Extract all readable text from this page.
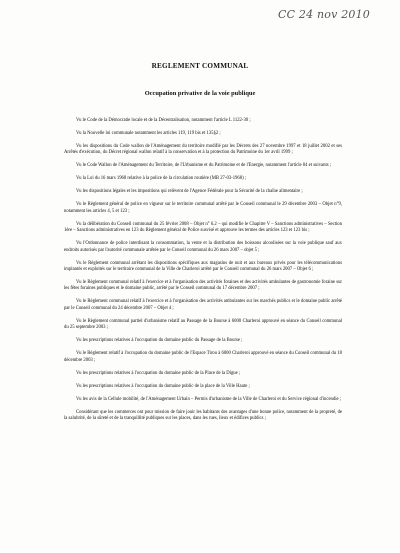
CC 24 nov 2010
REGLEMENT COMMUNAL
Occupation privative de la voie publique

Vu le Code de la Démocratie locale et de la Décentralisation, notamment l'article L 1122-30 ;

Vu la Nouvelle loi communale notamment les articles 119, 119 bis et 135§2 ;

Vu les dispositions du Code wallon de l'Aménagement du territoire modifié par les Décrets des 27 novembre 1997 et 18 juillet 2002 et ses Arrêtés d'exécution, du Décret régional wallon relatif à la conservation et à la protection du Patrimoine du 1er avril 1999 ;

Vu le Code Wallon de l'Aménagement du Territoire, de l'Urbanisme et du Patrimoine et de l'Energie, notamment l'article 84 et suivants ;

Vu la Loi du 16 mars 1968 relative à la police de la circulation routière (MB 27-03-1968) ;

Vu les dispositions légales et les impositions qui relèvent de l'Agence Fédérale pour la Sécurité de la chaîne alimentaire ;

Vu le Règlement général de police en vigueur sur le territoire communal arrêté par le Conseil communal le 29 décembre 2003 – Objet n°9, notamment les articles 4, 5 et 123 ;

Vu la délibération du Conseil communal du 25 février 2008 – Objet n° 6.2 – qui modifie le Chapitre V – Sanctions administratives – Section 1ère – Sanctions administratives en 123 du Règlement général de Police susvisé et approuve les termes des articles 123 et 123 bis ;

Vu l'Ordonnance de police interdisant la consommation, la vente et la distribution des boissons alcoolisées sur la voie publique sauf aux endroits autorisés par l'autorité communale arrêtée par le Conseil communal du 26 mars 2007 – objet 5 ;

Vu le Règlement communal arrêtant les dispositions spécifiques aux magasins de nuit et aux bureaux privés pour les télécommunications implantés et exploités sur le territoire communal de la Ville de Charleroi arrêté par le Conseil communal du 26 mars 2007 – Objet 6 ;

Vu le Règlement communal relatif à l'exercice et à l'organisation des activités foraines et des activités ambulantes de gastronomie foraine sur les fêtes foraines publiques et le domaine public, arrêté par le Conseil communal du 17 décembre 2007 ;

Vu le Règlement communal relatif à l'exercice et à l'organisation des activités ambulantes sur les marchés publics et le domaine public arrêté par le Conseil communal du 24 décembre 2007 – Objet 4 ;

Vu le Règlement communal partiel d'urbanisme relatif au Passage de la Bourse à 6000 Charleroi approuvé en séance du Conseil communal du 25 septembre 2003 ;

Vu les prescriptions relatives à l'occupation du domaine public du Passage de la Bourse ;

Vu le Règlement relatif à l'occupation du domaine public de l'Espace Tirou à 6000 Charleroi approuvé en séance du Conseil communal du 18 décembre 2003 ;

Vu les prescriptions relatives à l'occupation du domaine public de la Place de la Digue ;

Vu les prescriptions relatives à l'occupation du domaine public de la place de la Ville Haute ;

Vu les avis de la Cellule mobilité, de l'Aménagement Urbain – Permis d'urbanisme de la Ville de Charleroi et du Service régional d'incendie ;

Considérant que les commerces ont pour mission de faire jouir les habitants des avantages d'une bonne police, notamment de la propreté, de la salubrité, de la sûreté et de la tranquillité publiques sur les places, dans les rues, lieux et édifices publics ;
